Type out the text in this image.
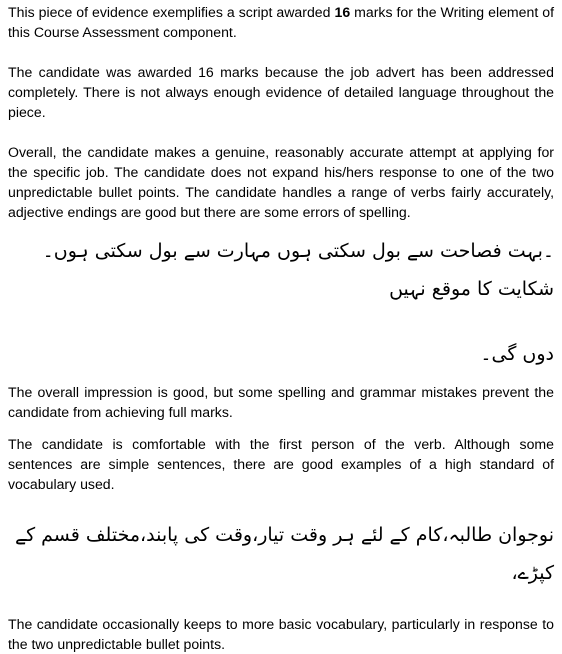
This piece of evidence exemplifies a script awarded 16 marks for the Writing element of this Course Assessment component.

The candidate was awarded 16 marks because the job advert has been addressed completely. There is not always enough evidence of detailed language throughout the piece.

Overall, the candidate makes a genuine, reasonably accurate attempt at applying for the specific job. The candidate does not expand his/hers response to one of the two unpredictable bullet points. The candidate handles a range of verbs fairly accurately, adjective endings are good but there are some errors of spelling.

۔بہت فصاحت سے بول سکتی ہوں مہارت سے بول سکتی ہوں۔شکایت کا موقع نہیں

دوں گی۔

The overall impression is good, but some spelling and grammar mistakes prevent the candidate from achieving full marks.

The candidate is comfortable with the first person of the verb. Although some sentences are simple sentences, there are good examples of a high standard of vocabulary used.

نوجوان طالبہ،کام کے لئے ہر وقت تیار،وقت کی پابند،مختلف قسم کے کپڑے،

The candidate occasionally keeps to more basic vocabulary, particularly in response to the two unpredictable bullet points.
